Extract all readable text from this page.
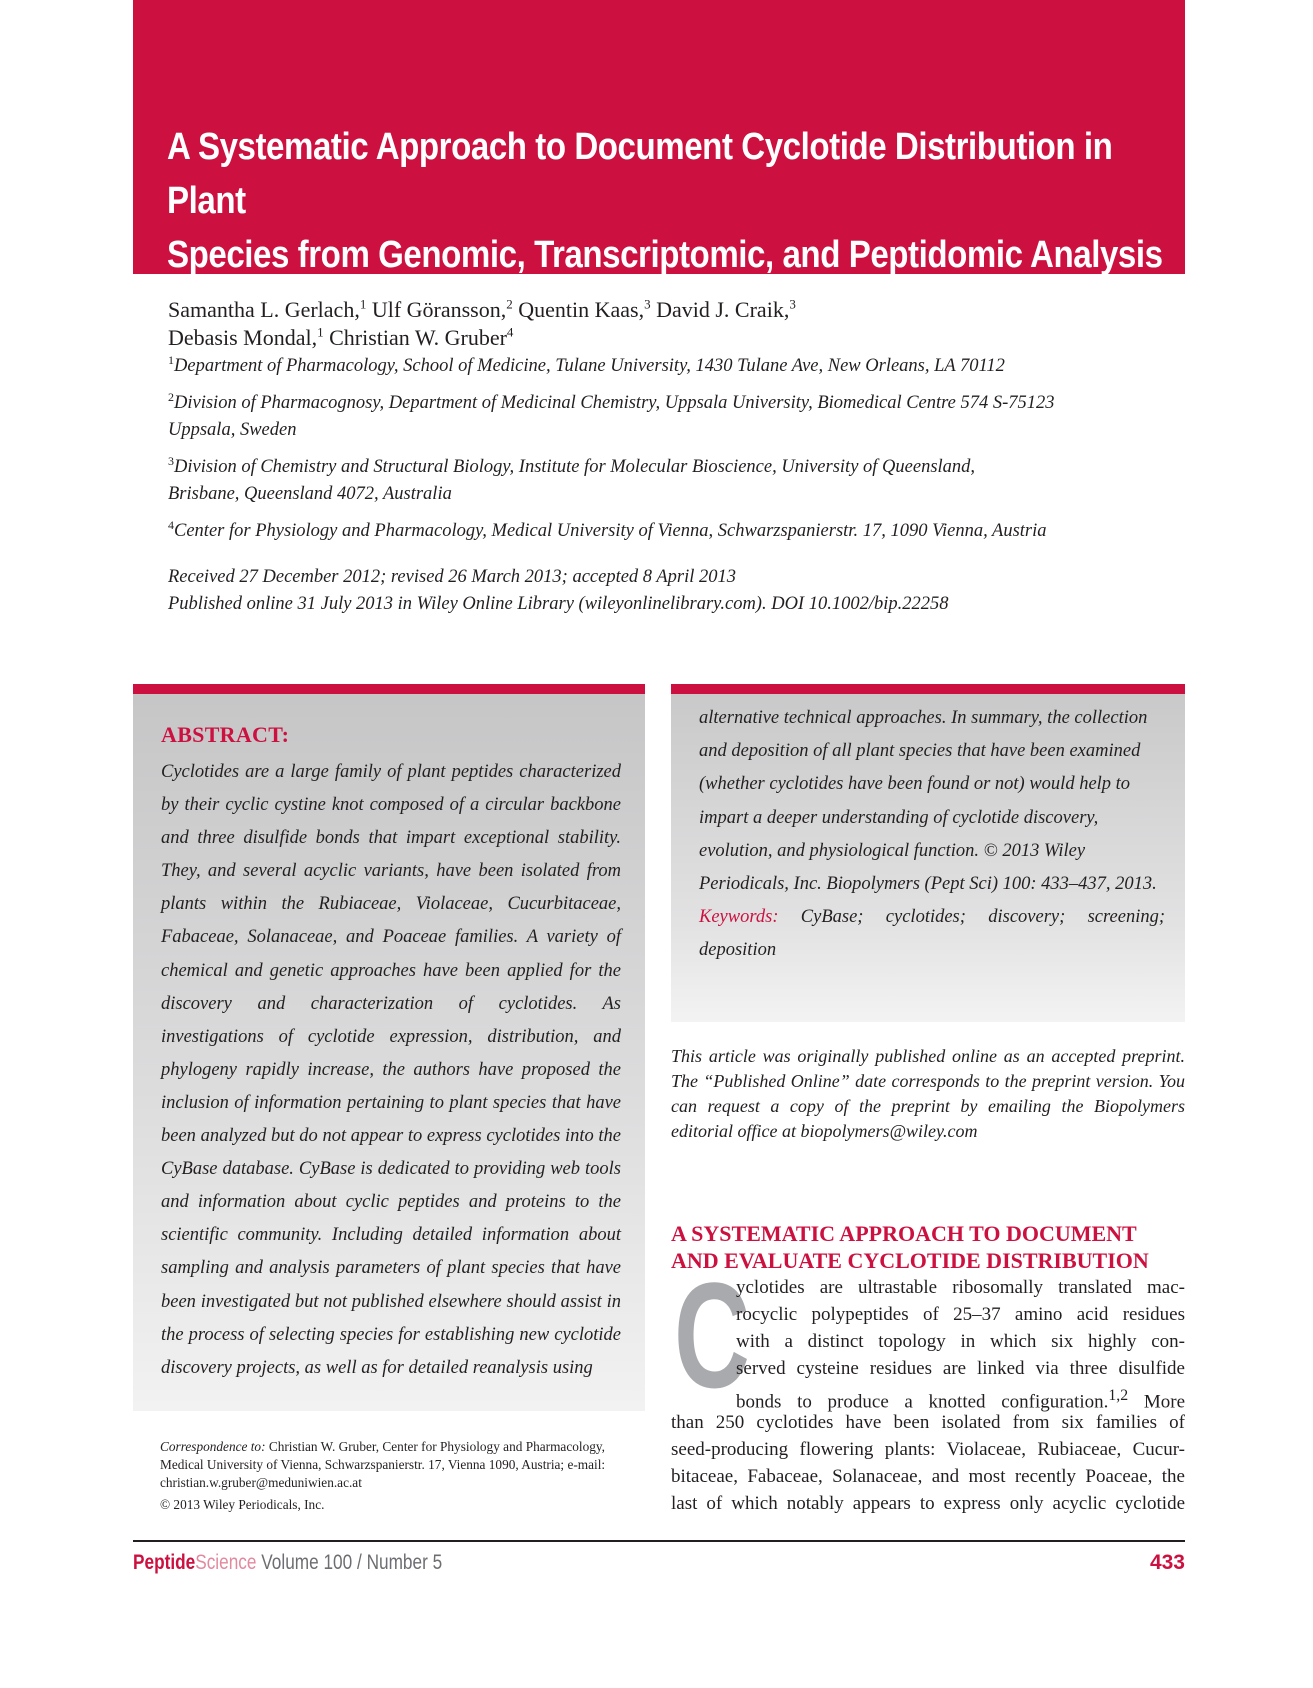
A Systematic Approach to Document Cyclotide Distribution in Plant
Species from Genomic, Transcriptomic, and Peptidomic Analysis
Samantha L. Gerlach,$^1$ Ulf Göransson,$^2$ Quentin Kaas,$^3$ David J. Craik,$^3$
Debasis Mondal,$^1$ Christian W. Gruber$^4$

$^1$Department of Pharmacology, School of Medicine, Tulane University, 1430 Tulane Ave, New Orleans, LA 70112

$^2$Division of Pharmacognosy, Department of Medicinal Chemistry, Uppsala University, Biomedical Centre 574 S-75123
Uppsala, Sweden

$^3$Division of Chemistry and Structural Biology, Institute for Molecular Bioscience, University of Queensland,
Brisbane, Queensland 4072, Australia

$^4$Center for Physiology and Pharmacology, Medical University of Vienna, Schwarzspanierstr. 17, 1090 Vienna, Austria

Received 27 December 2012; revised 26 March 2013; accepted 8 April 2013
Published online 31 July 2013 in Wiley Online Library (wileyonlinelibrary.com). DOI 10.1002/bip.22258
ABSTRACT:

Cyclotides are a large family of plant peptides characterized by their cyclic cystine knot composed of a circular backbone and three disulfide bonds that impart exceptional stability. They, and several acyclic variants, have been isolated from plants within the Rubiaceae, Violaceae, Cucurbitaceae, Fabaceae, Solanaceae, and Poaceae families. A variety of chemical and genetic approaches have been applied for the discovery and characterization of cyclotides. As investigations of cyclotide expression, distribution, and phylogeny rapidly increase, the authors have proposed the inclusion of information pertaining to plant species that have been analyzed but do not appear to express cyclotides into the CyBase database. CyBase is dedicated to providing web tools and information about cyclic peptides and proteins to the scientific community. Including detailed information about sampling and analysis parameters of plant species that have been investigated but not published elsewhere should assist in the process of selecting species for establishing new cyclotide discovery projects, as well as for detailed reanalysis using

alternative technical approaches. In summary, the collection and deposition of all plant species that have been examined (whether cyclotides have been found or not) would help to impart a deeper understanding of cyclotide discovery, evolution, and physiological function. © 2013 Wiley Periodicals, Inc. Biopolymers (Pept Sci) 100: 433–437, 2013.

Keywords: CyBase; cyclotides; discovery; screening;
deposition

This article was originally published online as an accepted preprint. The “Published Online” date corresponds to the preprint version. You can request a copy of the preprint by emailing the Biopolymers editorial office at biopolymers@wiley.com

A SYSTEMATIC APPROACH TO DOCUMENT
AND EVALUATE CYCLOTIDE DISTRIBUTION
C
yclotides are ultrastable ribosomally translated mac-
rocyclic polypeptides of 25–37 amino acid residues
with a distinct topology in which six highly con-
served cysteine residues are linked via three disulfide
bonds to produce a knotted configuration.$^{1,2}$ More
than 250 cyclotides have been isolated from six families of
seed-producing flowering plants: Violaceae, Rubiaceae, Cucur-
bitaceae, Fabaceae, Solanaceae, and most recently Poaceae, the
last of which notably appears to express only acyclic cyclotide

Correspondence to: Christian W. Gruber, Center for Physiology and Pharmacology, Medical University of Vienna, Schwarzspanierstr. 17, Vienna 1090, Austria; e-mail: christian.w.gruber@meduniwien.ac.at

© 2013 Wiley Periodicals, Inc.
PeptideScience Volume 100 / Number 5	433
